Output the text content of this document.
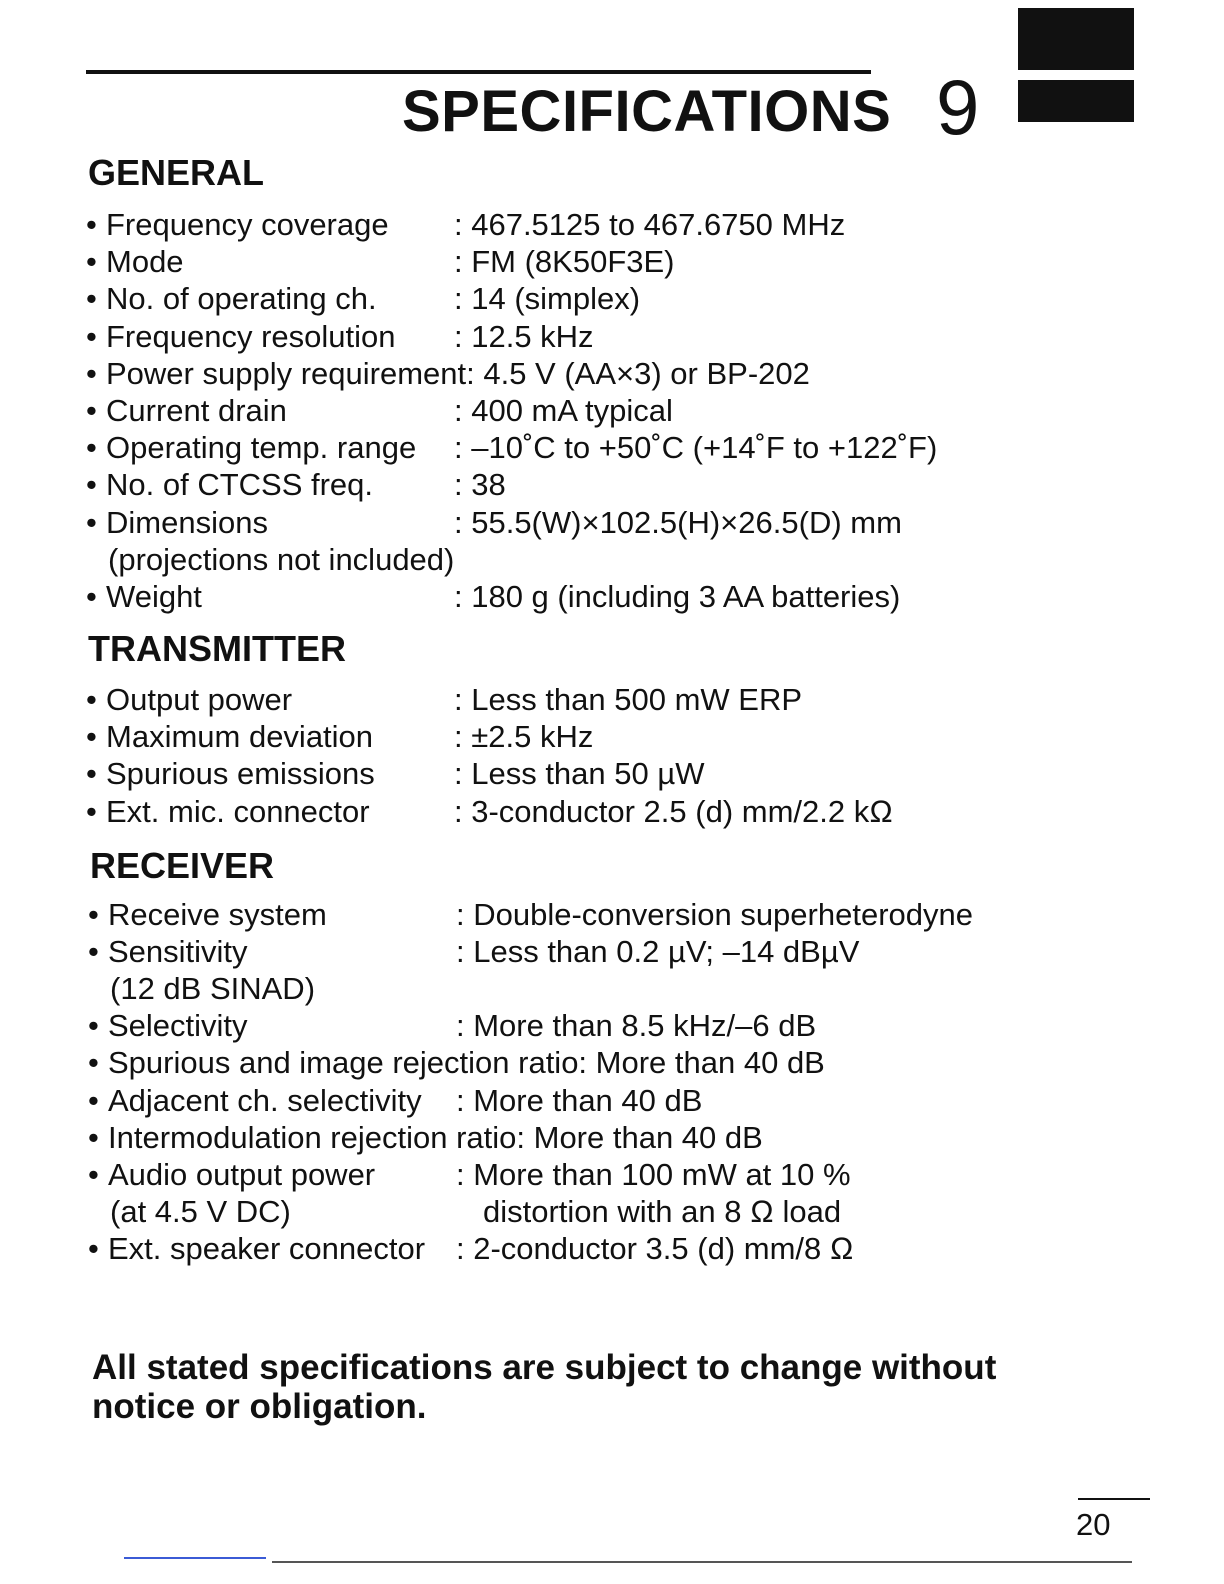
SPECIFICATIONS 9
GENERAL
• Frequency coverage : 467.5125 to 467.6750 MHz
• Mode	: FM (8K50F3E)
• No. of operating ch. : 14 (simplex)
• Frequency resolution : 12.5 kHz
• Power supply requirement: 4.5 V (AA×3) or BP-202
• Current drain	: 400 mA typical
• Operating temp. range : –10˚C to +50˚C (+14˚F to +122˚F)
• No. of CTCSS freq.	: 38
• Dimensions	: 55.5(W)×102.5(H)×26.5(D) mm
(projections not included)
• Weight	: 180 g (including 3 AA batteries)
TRANSMITTER
• Output power	: Less than 500 mW ERP
• Maximum deviation	: ±2.5 kHz
• Spurious emissions	: Less than 50 µW
• Ext. mic. connector	: 3-conductor 2.5 (d) mm/2.2 kΩ
RECEIVER
• Receive system	: Double-conversion superheterodyne
• Sensitivity	: Less than 0.2 µV; –14 dBµV
(12 dB SINAD)
• Selectivity	: More than 8.5 kHz/–6 dB
• Spurious and image rejection ratio: More than 40 dB
• Adjacent ch. selectivity : More than 40 dB
• Intermodulation rejection ratio: More than 40 dB
• Audio output power	: More than 100 mW at 10 %
(at 4.5 V DC)	distortion with an 8 Ω load
• Ext. speaker connector : 2-conductor 3.5 (d) mm/8 Ω
All stated specifications are subject to change without notice or obligation.
20
